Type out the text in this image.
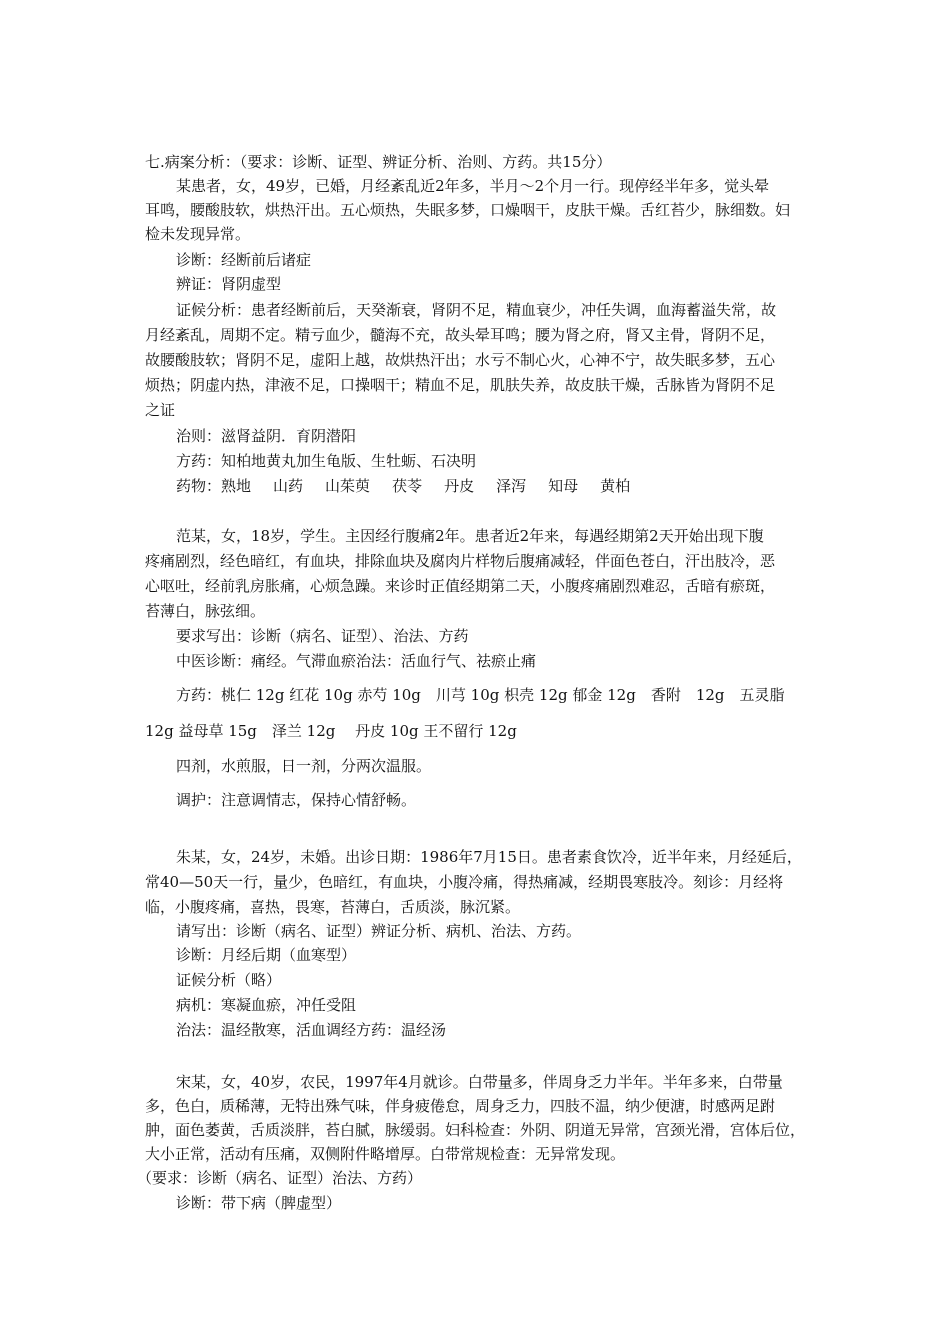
七.病案分析：（要求：诊断、证型、辨证分析、治则、方药。共15分）
某患者，女，49岁，已婚，月经紊乱近2年多，半月～2个月一行。现停经半年多，觉头晕
耳鸣，腰酸肢软，烘热汗出。五心烦热，失眠多梦，口燥咽干，皮肤干燥。舌红苔少，脉细数。妇
检未发现异常。
诊断：经断前后诸症
辨证：肾阴虚型
证候分析：患者经断前后，天癸渐衰，肾阴不足，精血衰少，冲任失调，血海蓄溢失常，故
月经紊乱，周期不定。精亏血少，髓海不充，故头晕耳鸣；腰为肾之府，肾又主骨，肾阴不足，
故腰酸肢软；肾阴不足，虚阳上越，故烘热汗出；水亏不制心火，心神不宁，故失眠多梦，五心
烦热；阴虚内热，津液不足，口操咽干；精血不足，肌肤失养，故皮肤干燥，舌脉皆为肾阴不足
之证
治则：滋肾益阴．育阴潜阳
方药：知柏地黄丸加生龟版、生牡蛎、石决明
药物：熟地 山药 山茱萸 茯苓 丹皮 泽泻 知母 黄柏
范某，女，18岁，学生。主因经行腹痛2年。患者近2年来，每遇经期第2天开始出现下腹
疼痛剧烈，经色暗红，有血块，排除血块及腐肉片样物后腹痛减轻，伴面色苍白，汗出肢冷，恶
心呕吐，经前乳房胀痛，心烦急躁。来诊时正值经期第二天，小腹疼痛剧烈难忍，舌暗有瘀斑，
苔薄白，脉弦细。
要求写出：诊断（病名、证型）、治法、方药
中医诊断：痛经。气滞血瘀治法：活血行气、祛瘀止痛
方药：桃仁 12g 红花 10g 赤芍 10g　川芎 10g 枳壳 12g 郁金 12g　香附　12g　五灵脂
12g 益母草 15g　泽兰 12g　 丹皮 10g 王不留行 12g
四剂，水煎服，日一剂，分两次温服。
调护：注意调情志，保持心情舒畅。
朱某，女，24岁，未婚。出诊日期：1986年7月15日。患者素食饮冷，近半年来，月经延后，
常40—50天一行，量少，色暗红，有血块，小腹冷痛，得热痛减，经期畏寒肢冷。刻诊：月经将
临，小腹疼痛，喜热，畏寒，苔薄白，舌质淡，脉沉紧。
请写出：诊断（病名、证型）辨证分析、病机、治法、方药。
诊断：月经后期（血寒型）
证候分析（略）
病机：寒凝血瘀，冲任受阻
治法：温经散寒，活血调经方药：温经汤
宋某，女，40岁，农民，1997年4月就诊。白带量多，伴周身乏力半年。半年多来，白带量
多，色白，质稀薄，无特出殊气味，伴身疲倦怠，周身乏力，四肢不温，纳少便溏，时感两足跗
肿，面色萎黄，舌质淡胖，苔白腻，脉缓弱。妇科检查：外阴、阴道无异常，宫颈光滑，宫体后位，
大小正常，活动有压痛，双侧附件略增厚。白带常规检查：无异常发现。
（要求：诊断（病名、证型）治法、方药）
诊断：带下病（脾虚型）
